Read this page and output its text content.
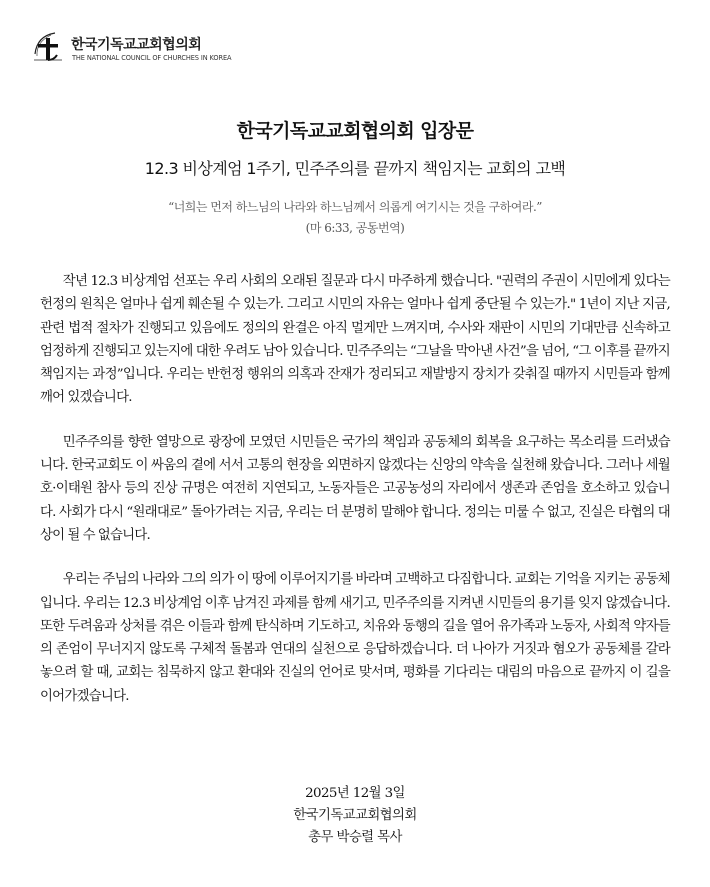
한국기독교교회협의회
THE NATIONAL COUNCIL OF CHURCHES IN KOREA
한국기독교교회협의회 입장문
12.3 비상계엄 1주기, 민주주의를 끝까지 책임지는 교회의 고백
“너희는 먼저 하느님의 나라와 하느님께서 의롭게 여기시는 것을 구하여라.”
(마 6:33, 공동번역)

작년 12.3 비상계엄 선포는 우리 사회의 오래된 질문과 다시 마주하게 했습니다. "권력의 주권이 시민에게 있다는 헌정의 원칙은 얼마나 쉽게 훼손될 수 있는가. 그리고 시민의 자유는 얼마나 쉽게 중단될 수 있는가." 1년이 지난 지금, 관련 법적 절차가 진행되고 있음에도 정의의 완결은 아직 멀게만 느껴지며, 수사와 재판이 시민의 기대만큼 신속하고 엄정하게 진행되고 있는지에 대한 우려도 남아 있습니다. 민주주의는 “그날을 막아낸 사건”을 넘어, “그 이후를 끝까지 책임지는 과정”입니다. 우리는 반헌정 행위의 의혹과 잔재가 정리되고 재발방지 장치가 갖춰질 때까지 시민들과 함께 깨어 있겠습니다.

민주주의를 향한 열망으로 광장에 모였던 시민들은 국가의 책임과 공동체의 회복을 요구하는 목소리를 드러냈습니다. 한국교회도 이 싸움의 곁에 서서 고통의 현장을 외면하지 않겠다는 신앙의 약속을 실천해 왔습니다. 그러나 세월호·이태원 참사 등의 진상 규명은 여전히 지연되고, 노동자들은 고공농성의 자리에서 생존과 존엄을 호소하고 있습니다. 사회가 다시 “원래대로” 돌아가려는 지금, 우리는 더 분명히 말해야 합니다. 정의는 미룰 수 없고, 진실은 타협의 대상이 될 수 없습니다.

우리는 주님의 나라와 그의 의가 이 땅에 이루어지기를 바라며 고백하고 다짐합니다. 교회는 기억을 지키는 공동체입니다. 우리는 12.3 비상계엄 이후 남겨진 과제를 함께 새기고, 민주주의를 지켜낸 시민들의 용기를 잊지 않겠습니다. 또한 두려움과 상처를 겪은 이들과 함께 탄식하며 기도하고, 치유와 동행의 길을 열어 유가족과 노동자, 사회적 약자들의 존엄이 무너지지 않도록 구체적 돌봄과 연대의 실천으로 응답하겠습니다. 더 나아가 거짓과 혐오가 공동체를 갈라 놓으려 할 때, 교회는 침묵하지 않고 환대와 진실의 언어로 맞서며, 평화를 기다리는 대림의 마음으로 끝까지 이 길을 이어가겠습니다.

2025년 12월 3일
한국기독교교회협의회
총무 박승렬 목사
